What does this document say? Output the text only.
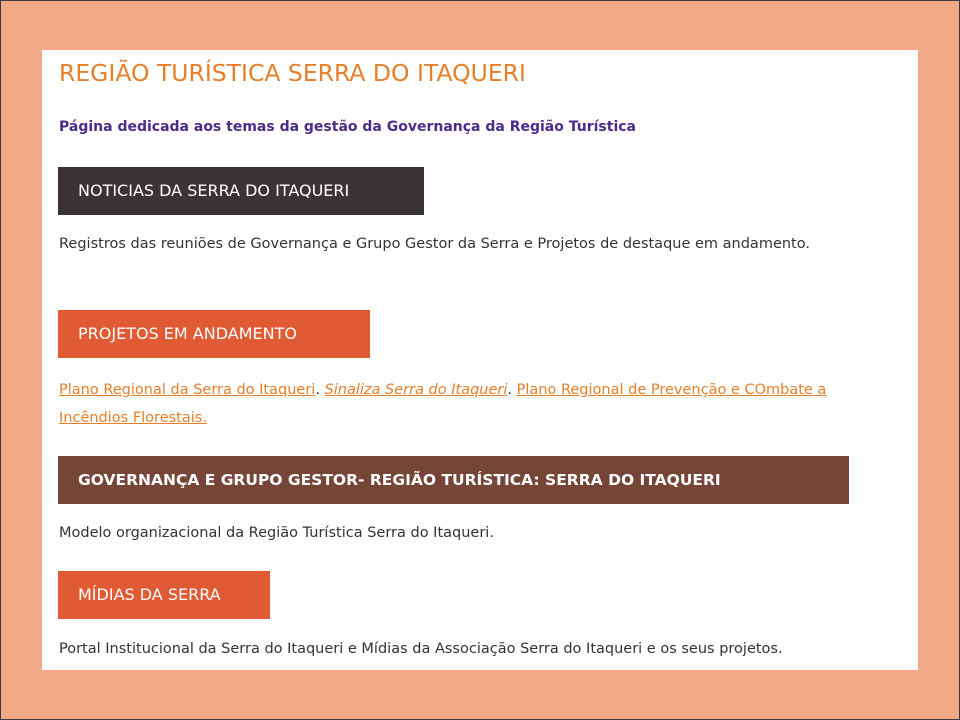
REGIÃO TURÍSTICA SERRA DO ITAQUERI

Página dedicada aos temas da gestão da Governança da Região Turística

NOTICIAS DA SERRA DO ITAQUERI

Registros das reuniões de Governança e Grupo Gestor da Serra e Projetos de destaque em andamento.

PROJETOS EM ANDAMENTO

Plano Regional da Serra do Itaqueri. Sinaliza Serra do Itaqueri. Plano Regional de Prevenção e COmbate a Incêndios Florestais.

GOVERNANÇA E GRUPO GESTOR- REGIÃO TURÍSTICA: SERRA DO ITAQUERI

Modelo organizacional da Região Turística Serra do Itaqueri.

MÍDIAS DA SERRA

Portal Institucional da Serra do Itaqueri e Mídias da Associação Serra do Itaqueri e os seus projetos.
